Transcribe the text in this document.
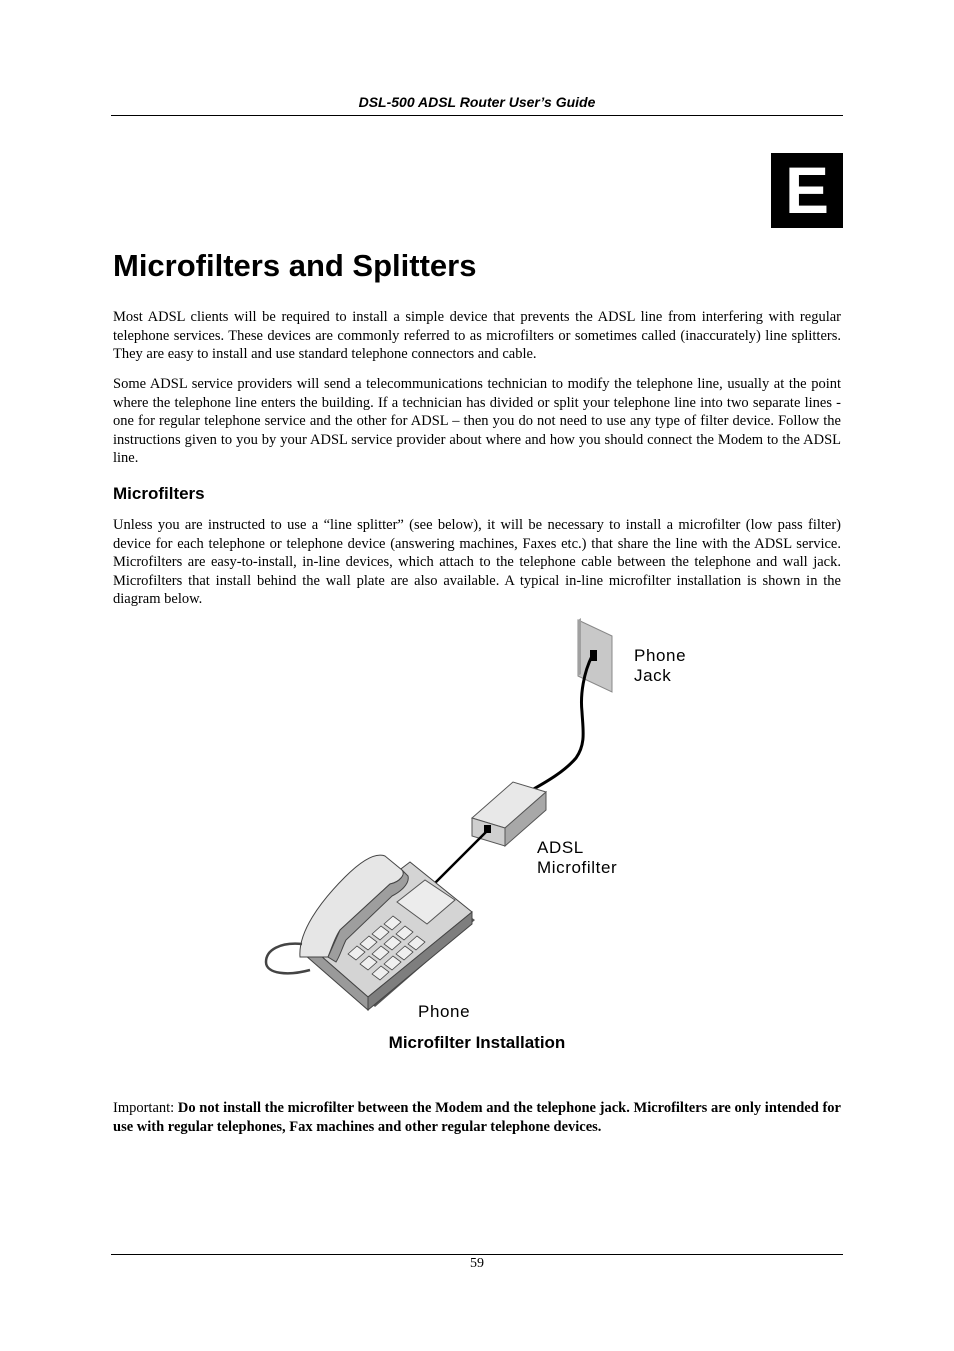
DSL-500 ADSL Router User’s Guide
E
Microfilters and Splitters

Most ADSL clients will be required to install a simple device that prevents the ADSL line from interfering with regular telephone services. These devices are commonly referred to as microfilters or sometimes called (inaccurately) line splitters. They are easy to install and use standard telephone connectors and cable.

Some ADSL service providers will send a telecommunications technician to modify the telephone line, usually at the point where the telephone line enters the building. If a technician has divided or split your telephone line into two separate lines - one for regular telephone service and the other for ADSL – then you do not need to use any type of filter device. Follow the instructions given to you by your ADSL service provider about where and how you should connect the Modem to the ADSL line.

Microfilters

Unless you are instructed to use a “line splitter” (see below), it will be necessary to install a microfilter (low pass filter) device for each telephone or telephone device (answering machines, Faxes etc.) that share the line with the ADSL service. Microfilters are easy-to-install, in-line devices, which attach to the telephone cable between the telephone and wall jack. Microfilters that install behind the wall plate are also available. A typical in-line microfilter installation is shown in the diagram below.

Phone
Jack
ADSL
Microfilter
Phone
Microfilter Installation

Important: Do not install the microfilter between the Modem and the telephone jack. Microfilters are only intended for use with regular telephones, Fax machines and other regular telephone devices.

59
